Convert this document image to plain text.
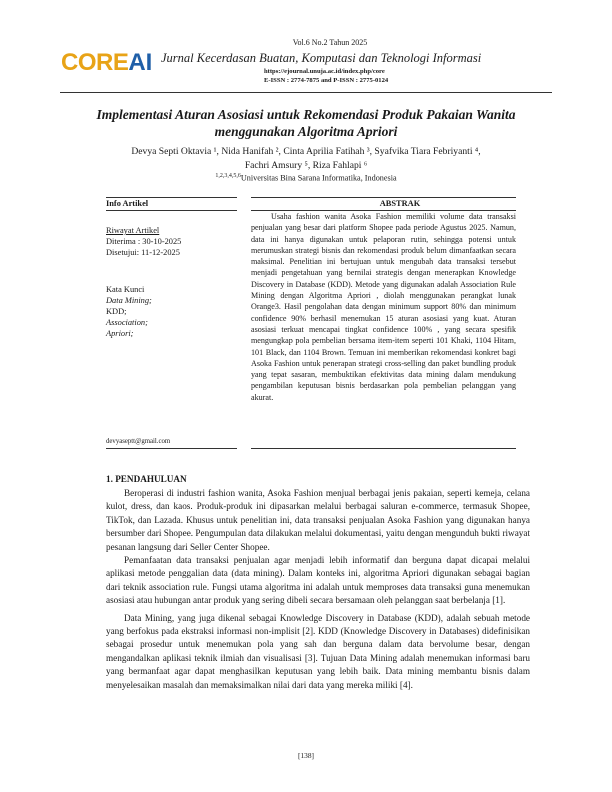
CORE AI
Vol.6 No.2 Tahun 2025
Jurnal Kecerdasan Buatan, Komputasi dan Teknologi Informasi
https://ejournal.unuja.ac.id/index.php/core
E-ISSN : 2774-7875 and P-ISSN : 2775-0124
Implementasi Aturan Asosiasi untuk Rekomendasi Produk Pakaian Wanita menggunakan Algoritma Apriori
Devya Septi Oktavia ¹, Nida Hanifah ², Cinta Aprilia Fatihah ³, Syafvika Tiara Febriyanti ⁴,
Fachri Amsury ⁵, Riza Fahlapi ⁶
$^{1,2,3,4,5,6}$Universitas Bina Sarana Informatika, Indonesia
Info Artikel	ABSTRAK
Riwayat Artikel
Diterima : 30-10-2025
Disetujui: 11-12-2025
Kata Kunci
Data Mining;
KDD;
Association;
Apriori;
devyaseptt@gmail.com

Usaha fashion wanita Asoka Fashion memiliki volume data transaksi penjualan yang besar dari platform Shopee pada periode Agustus 2025. Namun, data ini hanya digunakan untuk pelaporan rutin, sehingga potensi untuk merumuskan strategi bisnis dan rekomendasi produk belum dimanfaatkan secara maksimal. Penelitian ini bertujuan untuk mengubah data transaksi tersebut menjadi pengetahuan yang bernilai strategis dengan menerapkan Knowledge Discovery in Database (KDD). Metode yang digunakan adalah Association Rule Mining dengan Algoritma Apriori , diolah menggunakan perangkat lunak Orange3. Hasil pengolahan data dengan minimum support 80% dan minimum confidence 90% berhasil menemukan 15 aturan asosiasi yang kuat. Aturan asosiasi terkuat mencapai tingkat confidence 100% , yang secara spesifik mengungkap pola pembelian bersama item-item seperti 101 Khaki, 1104 Hitam, 101 Black, dan 1104 Brown. Temuan ini memberikan rekomendasi konkret bagi Asoka Fashion untuk penerapan strategi cross-selling dan paket bundling produk yang tepat sasaran, membuktikan efektivitas data mining dalam mendukung pengambilan keputusan bisnis berdasarkan pola pembelian pelanggan yang akurat.

1. PENDAHULUAN

Beroperasi di industri fashion wanita, Asoka Fashion menjual berbagai jenis pakaian, seperti kemeja, celana kulot, dress, dan kaos. Produk-produk ini dipasarkan melalui berbagai saluran e-commerce, termasuk Shopee, TikTok, dan Lazada. Khusus untuk penelitian ini, data transaksi penjualan Asoka Fashion yang digunakan hanya bersumber dari Shopee. Pengumpulan data dilakukan melalui dokumentasi, yaitu dengan mengunduh bukti riwayat pesanan langsung dari Seller Center Shopee.

Pemanfaatan data transaksi penjualan agar menjadi lebih informatif dan berguna dapat dicapai melalui aplikasi metode penggalian data (data mining). Dalam konteks ini, algoritma Apriori digunakan sebagai bagian dari teknik association rule. Fungsi utama algoritma ini adalah untuk memproses data transaksi guna menemukan asosiasi atau hubungan antar produk yang sering dibeli secara bersamaan oleh pelanggan saat berbelanja [1].

Data Mining, yang juga dikenal sebagai Knowledge Discovery in Database (KDD), adalah sebuah metode yang berfokus pada ekstraksi informasi non-implisit [2]. KDD (Knowledge Discovery in Databases) didefinisikan sebagai prosedur untuk menemukan pola yang sah dan berguna dalam data bervolume besar, dengan mengandalkan aplikasi teknik ilmiah dan visualisasi [3]. Tujuan Data Mining adalah menemukan informasi baru yang bermanfaat agar dapat menghasilkan keputusan yang lebih baik. Data mining membantu bisnis dalam menyelesaikan masalah dan memaksimalkan nilai dari data yang mereka miliki [4].

[138]
